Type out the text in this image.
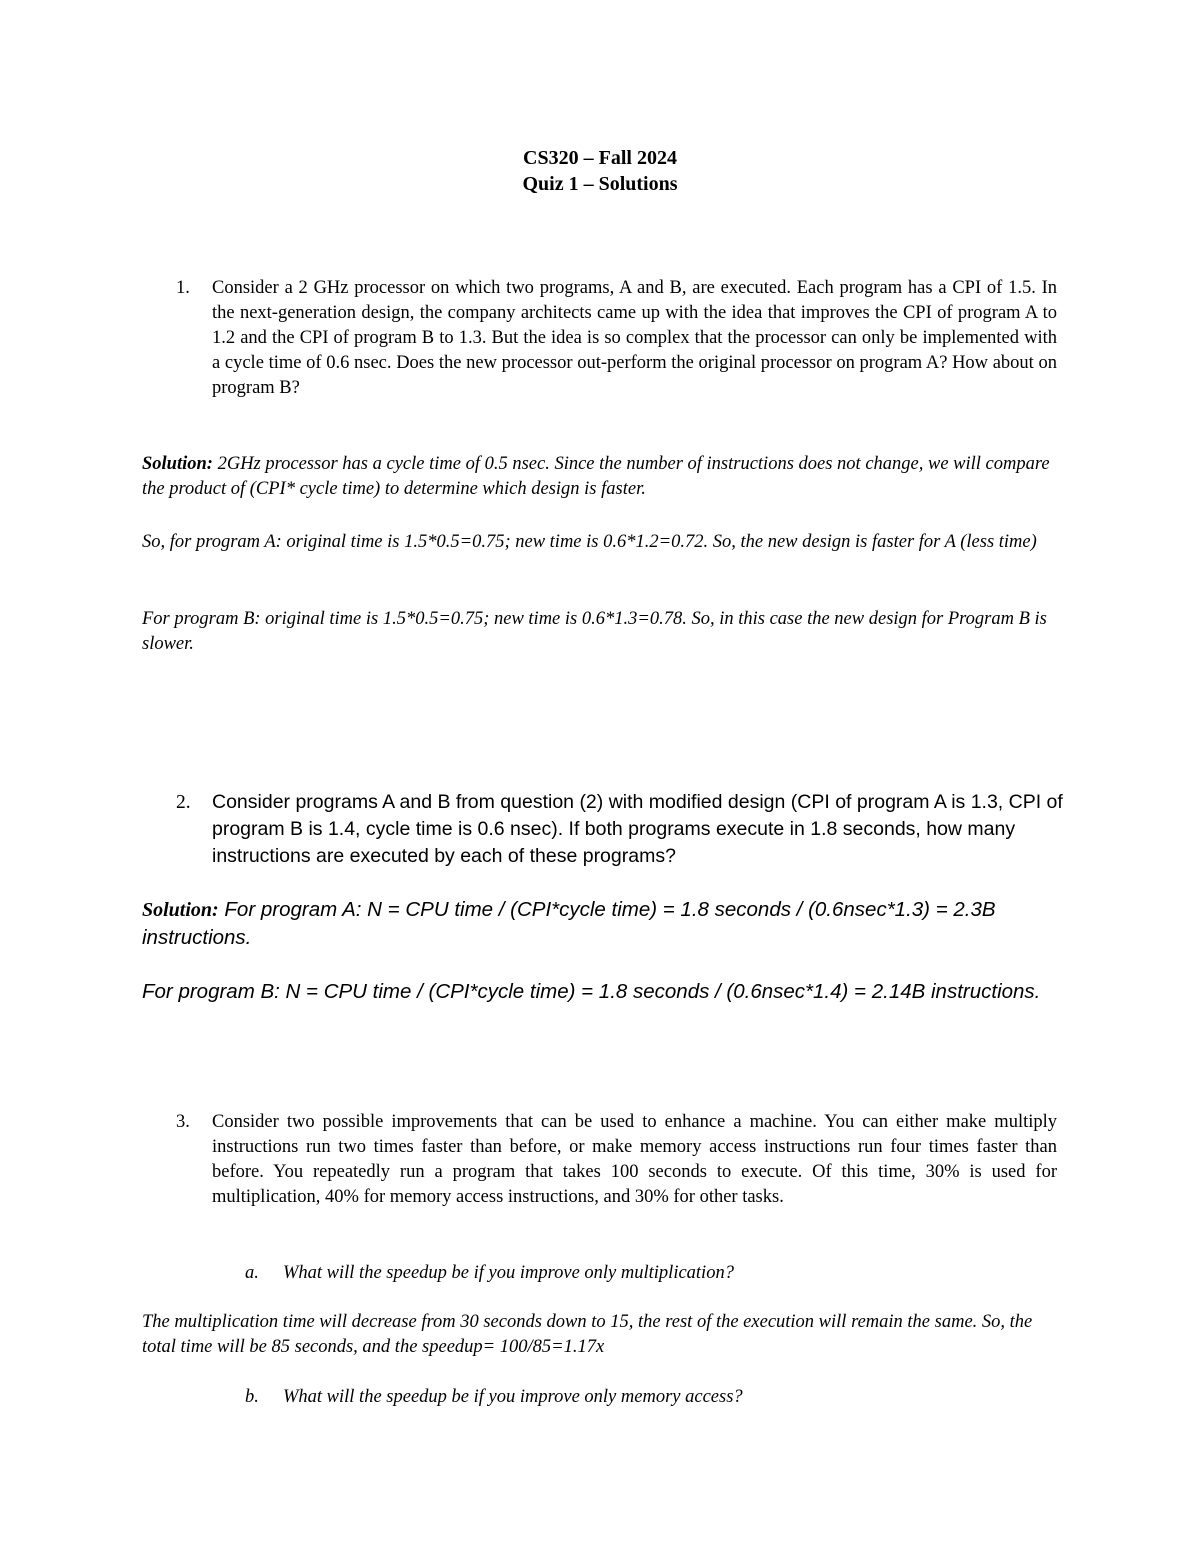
CS320 – Fall 2024
Quiz 1 – Solutions
1. Consider a 2 GHz processor on which two programs, A and B, are executed. Each program has a CPI of 1.5. In the next-generation design, the company architects came up with the idea that improves the CPI of program A to 1.2 and the CPI of program B to 1.3. But the idea is so complex that the processor can only be implemented with a cycle time of 0.6 nsec. Does the new processor out-perform the original processor on program A? How about on program B?
Solution: 2GHz processor has a cycle time of 0.5 nsec. Since the number of instructions does not change, we will compare the product of (CPI* cycle time) to determine which design is faster.
So, for program A: original time is 1.5*0.5=0.75; new time is 0.6*1.2=0.72. So, the new design is faster for A (less time)
For program B: original time is 1.5*0.5=0.75; new time is 0.6*1.3=0.78. So, in this case the new design for Program B is slower.
2. Consider programs A and B from question (2) with modified design (CPI of program A is 1.3, CPI of program B is 1.4, cycle time is 0.6 nsec). If both programs execute in 1.8 seconds, how many instructions are executed by each of these programs?
Solution: For program A: N = CPU time / (CPI*cycle time) = 1.8 seconds / (0.6nsec*1.3) = 2.3B instructions.
For program B: N = CPU time / (CPI*cycle time) = 1.8 seconds / (0.6nsec*1.4) = 2.14B instructions.
3. Consider two possible improvements that can be used to enhance a machine. You can either make multiply instructions run two times faster than before, or make memory access instructions run four times faster than before. You repeatedly run a program that takes 100 seconds to execute. Of this time, 30% is used for multiplication, 40% for memory access instructions, and 30% for other tasks.
a. What will the speedup be if you improve only multiplication?
The multiplication time will decrease from 30 seconds down to 15, the rest of the execution will remain the same. So, the total time will be 85 seconds, and the speedup= 100/85=1.17x
b. What will the speedup be if you improve only memory access?
